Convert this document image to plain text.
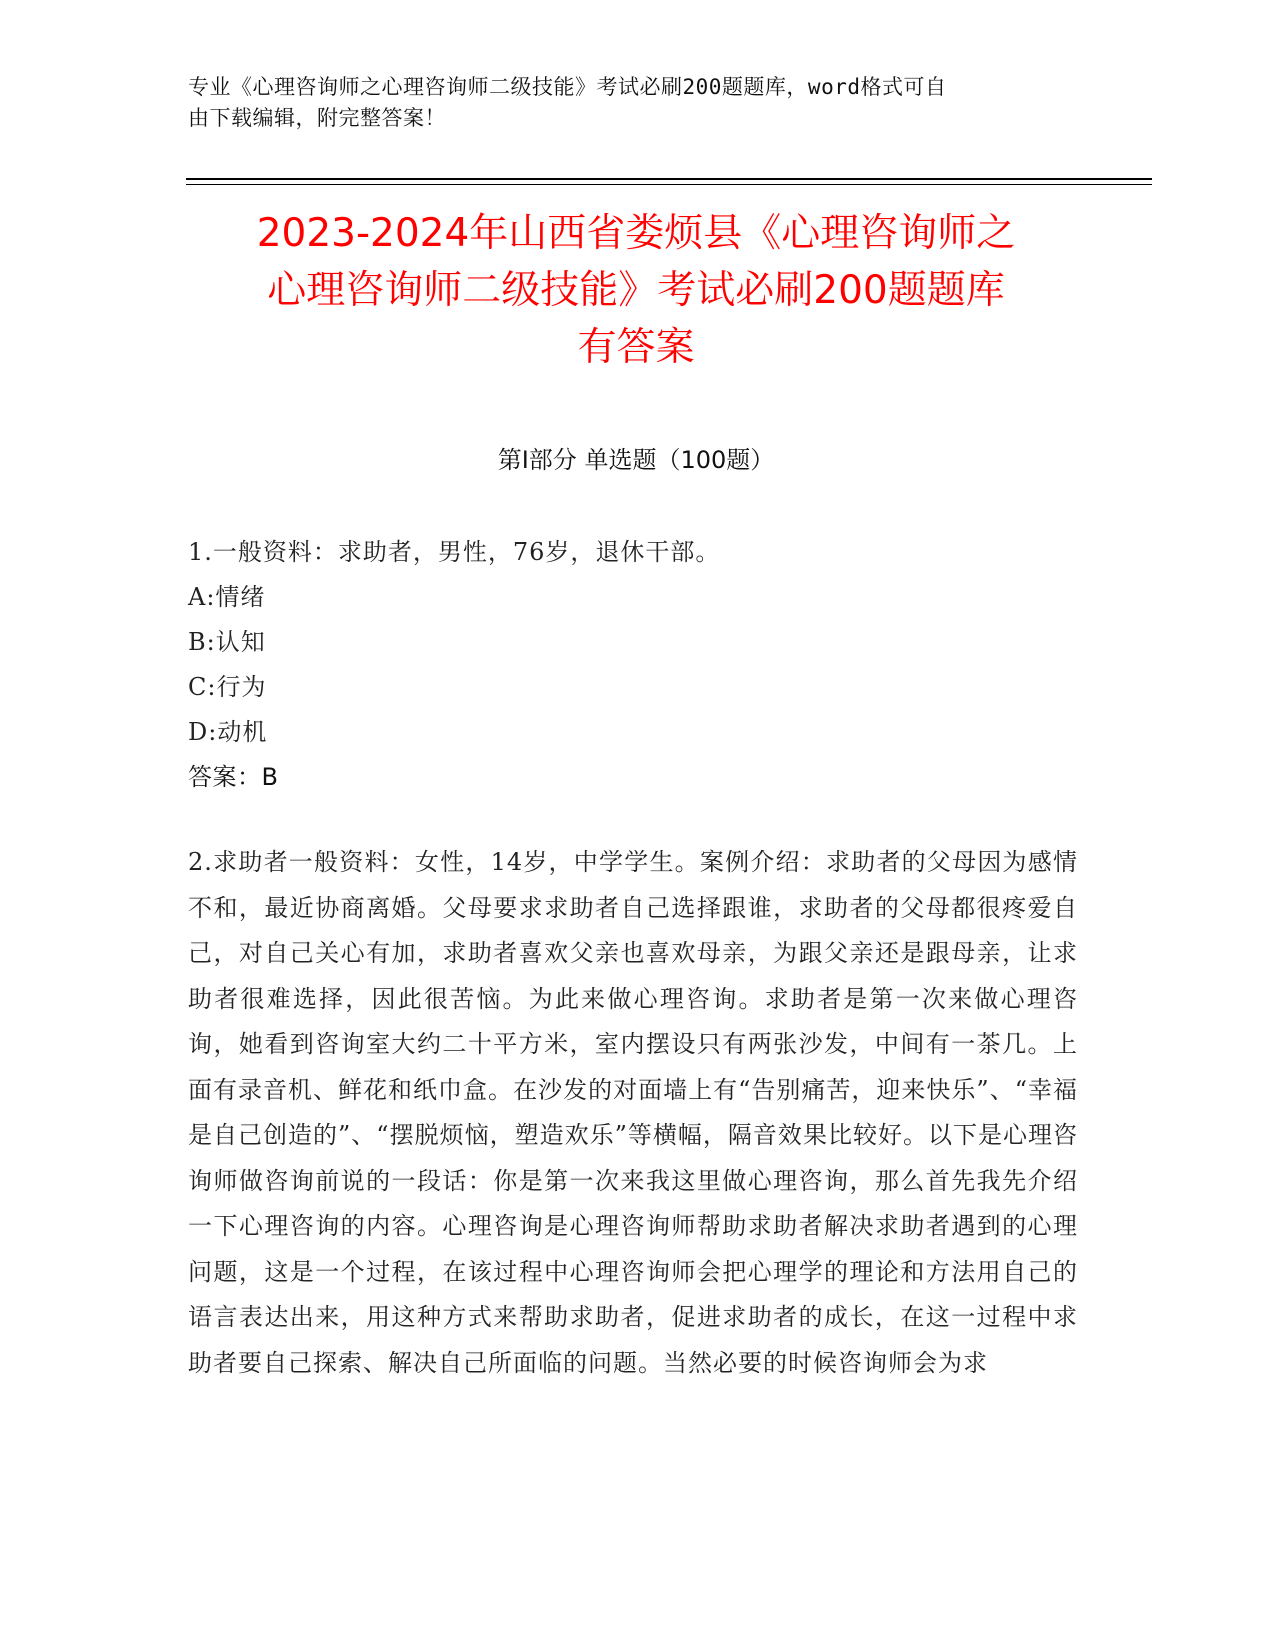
专业《心理咨询师之心理咨询师二级技能》考试必刷200题题库，word格式可自
由下载编辑，附完整答案！
2023-2024年山西省娄烦县《心理咨询师之
心理咨询师二级技能》考试必刷200题题库
有答案
第Ⅰ部分 单选题（100题）
1.一般资料：求助者，男性，76岁，退休干部。
A:情绪
B:认知
C:行为
D:动机
答案：B
2.求助者一般资料：女性，14岁，中学学生。案例介绍：求助者的父母因为感情不和，最近协商离婚。父母要求求助者自己选择跟谁，求助者的父母都很疼爱自己，对自己关心有加，求助者喜欢父亲也喜欢母亲，为跟父亲还是跟母亲，让求助者很难选择，因此很苦恼。为此来做心理咨询。求助者是第一次来做心理咨询，她看到咨询室大约二十平方米，室内摆设只有两张沙发，中间有一茶几。上面有录音机、鲜花和纸巾盒。在沙发的对面墙上有“告别痛苦，迎来快乐”、“幸福是自己创造的”、“摆脱烦恼，塑造欢乐”等横幅，隔音效果比较好。以下是心理咨询师做咨询前说的一段话：你是第一次来我这里做心理咨询，那么首先我先介绍一下心理咨询的内容。心理咨询是心理咨询师帮助求助者解决求助者遇到的心理问题，这是一个过程，在该过程中心理咨询师会把心理学的理论和方法用自己的语言表达出来，用这种方式来帮助求助者，促进求助者的成长，在这一过程中求助者要自己探索、解决自己所面临的问题。当然必要的时候咨询师会为求
